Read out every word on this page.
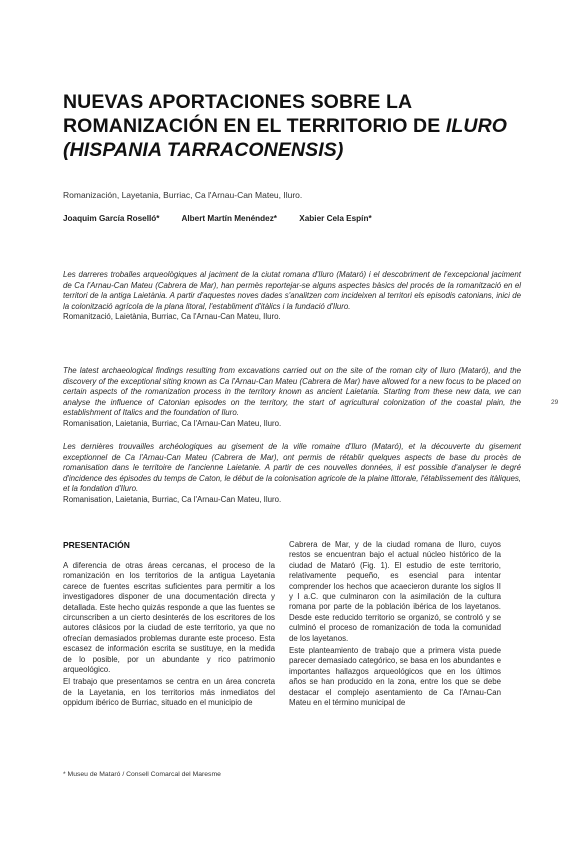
NUEVAS APORTACIONES SOBRE LA
ROMANIZACIÓN EN EL TERRITORIO DE ILURO
(HISPANIA TARRACONENSIS)
Romanización, Layetania, Burriac, Ca l'Arnau-Can Mateu, Iluro.
Joaquim García Roselló*	Albert Martín Menéndez*	Xabier Cela Espín*
Les darreres troballes arqueològiques al jaciment de la ciutat romana d'Iluro (Mataró) i el descobriment de l'excepcional jaciment de Ca l'Arnau-Can Mateu (Cabrera de Mar), han permès reportejar-se alguns aspectes bàsics del procés de la romanització en el territori de la antiga Laietània. A partir d'aquestes noves dades s'analitzen com incideixen al territori els episodis catonians, inici de la colonització agrícola de la plana litoral, l'establiment d'itàlics i la fundació d'Iluro.
Romanització, Laietània, Burriac, Ca l'Arnau-Can Mateu, Iluro.
The latest archaeological findings resulting from excavations carried out on the site of the roman city of Iluro (Mataró), and the discovery of the exceptional siting known as Ca l'Arnau-Can Mateu (Cabrera de Mar) have allowed for a new focus to be placed on certain aspects of the romanization process in the territory known as ancient Laietania. Starting from these new data, we can analyse the influence of Catonian episodes on the territory, the start of agricultural colonization of the coastal plain, the establishment of Italics and the foundation of Iluro.
Romanisation, Laietania, Burriac, Ca l'Arnau-Can Mateu, Iluro.
Les dernières trouvailles archéologiques au gisement de la ville romaine d'Iluro (Mataró), et la découverte du gisement exceptionnel de Ca l'Arnau-Can Mateu (Cabrera de Mar), ont permis de rétablir quelques aspects de base du procès de romanisation dans le territoire de l'ancienne Laietanie. A partir de ces nouvelles données, il est possible d'analyser le degré d'incidence des épisodes du temps de Caton, le début de la colonisation agricole de la plaine littorale, l'établissement des itàliques, et la fondation d'Iluro.
Romanisation, Laietania, Burriac, Ca l'Arnau-Can Mateu, Iluro.
29
PRESENTACIÓN

A diferencia de otras áreas cercanas, el proceso de la romanización en los territorios de la antigua Layetania carece de fuentes escritas suficientes para permitir a los investigadores disponer de una documentación directa y detallada. Este hecho quizás responde a que las fuentes se circunscriben a un cierto desinterés de los escritores de los autores clásicos por la ciudad de este territorio, ya que no ofrecían demasiados problemas durante este proceso. Esta escasez de información escrita se sustituye, en la medida de lo posible, por un abundante y rico patrimonio arqueológico.

El trabajo que presentamos se centra en un área concreta de la Layetania, en los territorios más inmediatos del oppidum ibérico de Burriac, situado en el municipio de

Cabrera de Mar, y de la ciudad romana de Iluro, cuyos restos se encuentran bajo el actual núcleo histórico de la ciudad de Mataró (Fig. 1). El estudio de este territorio, relativamente pequeño, es esencial para intentar comprender los hechos que acaecieron durante los siglos II y I a.C. que culminaron con la asimilación de la cultura romana por parte de la población ibérica de los layetanos. Desde este reducido territorio se organizó, se controló y se culminó el proceso de romanización de toda la comunidad de los layetanos.

Este planteamiento de trabajo que a primera vista puede parecer demasiado categórico, se basa en los abundantes e importantes hallazgos arqueológicos que en los últimos años se han producido en la zona, entre los que se debe destacar el complejo asentamiento de Ca l'Arnau-Can Mateu en el término municipal de

* Museu de Mataró / Consell Comarcal del Maresme
